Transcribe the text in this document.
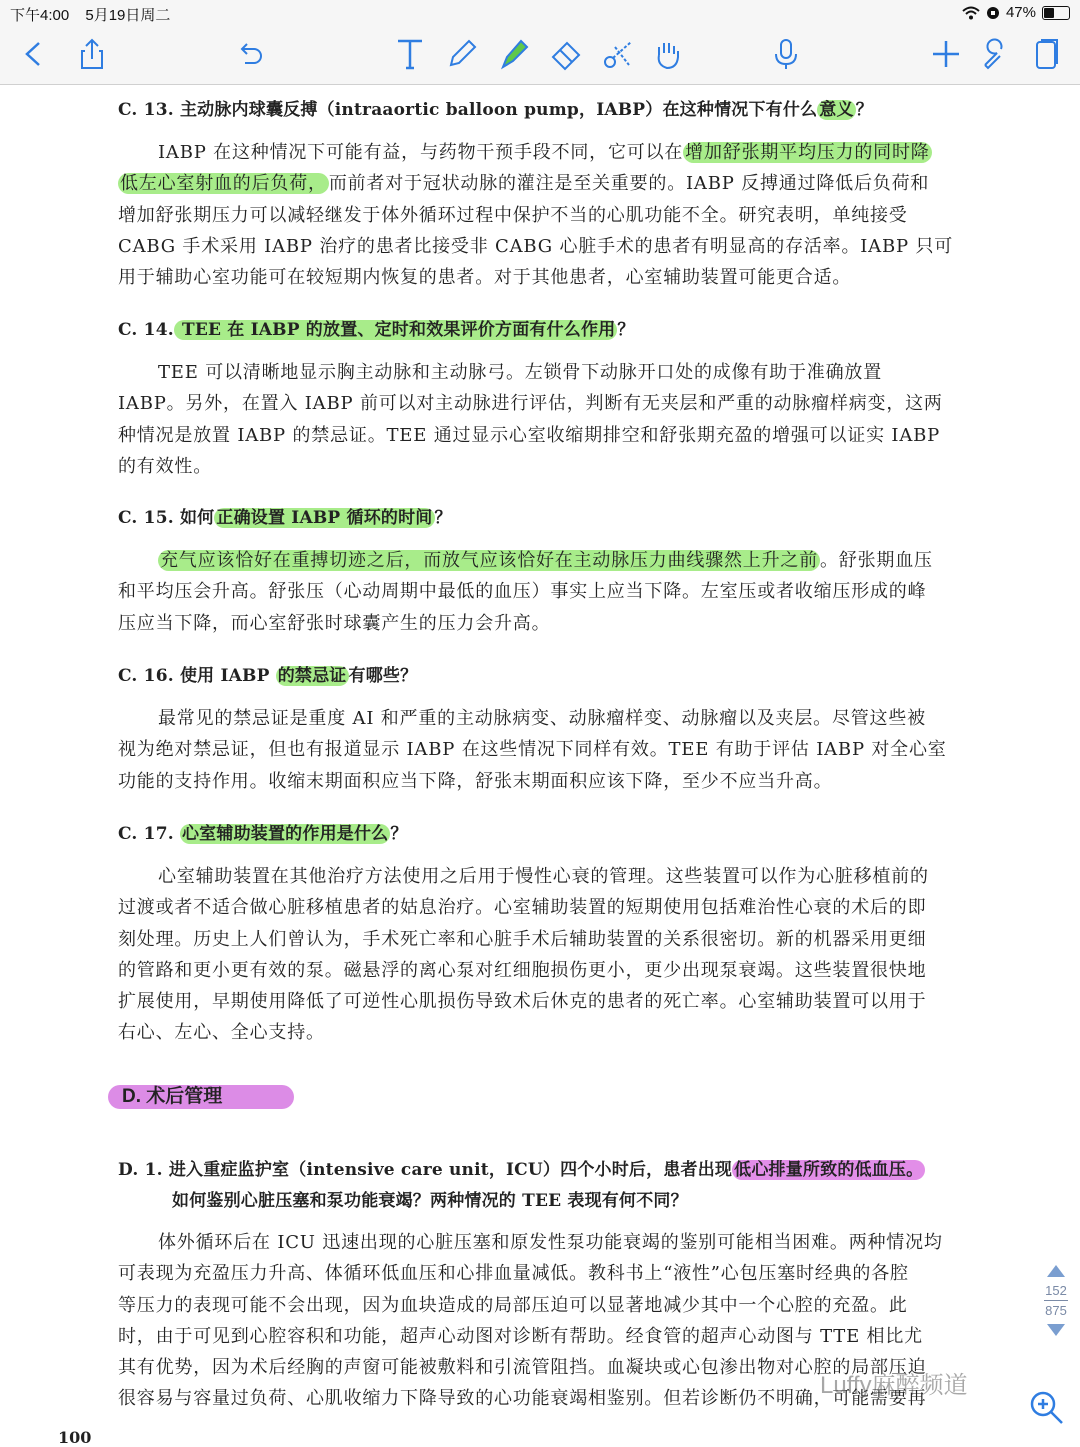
下午4:00 5月19日周二	47%
C. 13. 主动脉内球囊反搏（intraaortic balloon pump，IABP）在这种情况下有什么 意义 ？
IABP 在这种情况下可能有益，与药物干预手段不同，它可以在 增加舒张期平均压力的同时降
低左心室射血的后负荷， 而前者对于冠状动脉的灌注是至关重要的。IABP 反搏通过降低后负荷和
增加舒张期压力可以减轻继发于体外循环过程中保护不当的心肌功能不全。研究表明，单纯接受
CABG 手术采用 IABP 治疗的患者比接受非 CABG 心脏手术的患者有明显高的存活率。IABP 只可
用于辅助心室功能可在较短期内恢复的患者。对于其他患者，心室辅助装置可能更合适。
C. 14. TEE 在 IABP 的放置、定时和效果评价方面有什么作用 ？
TEE 可以清晰地显示胸主动脉和主动脉弓。左锁骨下动脉开口处的成像有助于准确放置
IABP。另外，在置入 IABP 前可以对主动脉进行评估，判断有无夹层和严重的动脉瘤样病变，这两
种情况是放置 IABP 的禁忌证。TEE 通过显示心室收缩期排空和舒张期充盈的增强可以证实 IABP
的有效性。
C. 15. 如何 正确设置 IABP 循环的时间 ？
充气应该恰好在重搏切迹之后，而放气应该恰好在主动脉压力曲线骤然上升之前 。舒张期血压
和平均压会升高。舒张压（心动周期中最低的血压）事实上应当下降。左室压或者收缩压形成的峰
压应当下降，而心室舒张时球囊产生的压力会升高。
C. 16. 使用 IABP 的禁忌证 有哪些？
最常见的禁忌证是重度 AI 和严重的主动脉病变、动脉瘤样变、动脉瘤以及夹层。尽管这些被
视为绝对禁忌证，但也有报道显示 IABP 在这些情况下同样有效。TEE 有助于评估 IABP 对全心室
功能的支持作用。收缩末期面积应当下降，舒张末期面积应该下降，至少不应当升高。
C. 17. 心室辅助装置的作用是什么 ？
心室辅助装置在其他治疗方法使用之后用于慢性心衰的管理。这些装置可以作为心脏移植前的
过渡或者不适合做心脏移植患者的姑息治疗。心室辅助装置的短期使用包括难治性心衰的术后的即
刻处理。历史上人们曾认为，手术死亡率和心脏手术后辅助装置的关系很密切。新的机器采用更细
的管路和更小更有效的泵。磁悬浮的离心泵对红细胞损伤更小，更少出现泵衰竭。这些装置很快地
扩展使用，早期使用降低了可逆性心肌损伤导致术后休克的患者的死亡率。心室辅助装置可以用于
右心、左心、全心支持。
D. 术后管理
D. 1. 进入重症监护室（intensive care unit，ICU）四个小时后，患者出现 低心排量所致的低血压。
如何鉴别心脏压塞和泵功能衰竭？两种情况的 TEE 表现有何不同？
体外循环后在 ICU 迅速出现的心脏压塞和原发性泵功能衰竭的鉴别可能相当困难。两种情况均
可表现为充盈压力升高、体循环低血压和心排血量减低。教科书上“液性”心包压塞时经典的各腔
等压力的表现可能不会出现，因为血块造成的局部压迫可以显著地减少其中一个心腔的充盈。此
时，由于可见到心腔容积和功能，超声心动图对诊断有帮助。经食管的超声心动图与 TTE 相比尤
其有优势，因为术后经胸的声窗可能被敷料和引流管阻挡。血凝块或心包渗出物对心腔的局部压迫
很容易与容量过负荷、心肌收缩力下降导致的心功能衰竭相鉴别。但若诊断仍不明确，可能需要再
100
152
875
Luffy麻醉频道
